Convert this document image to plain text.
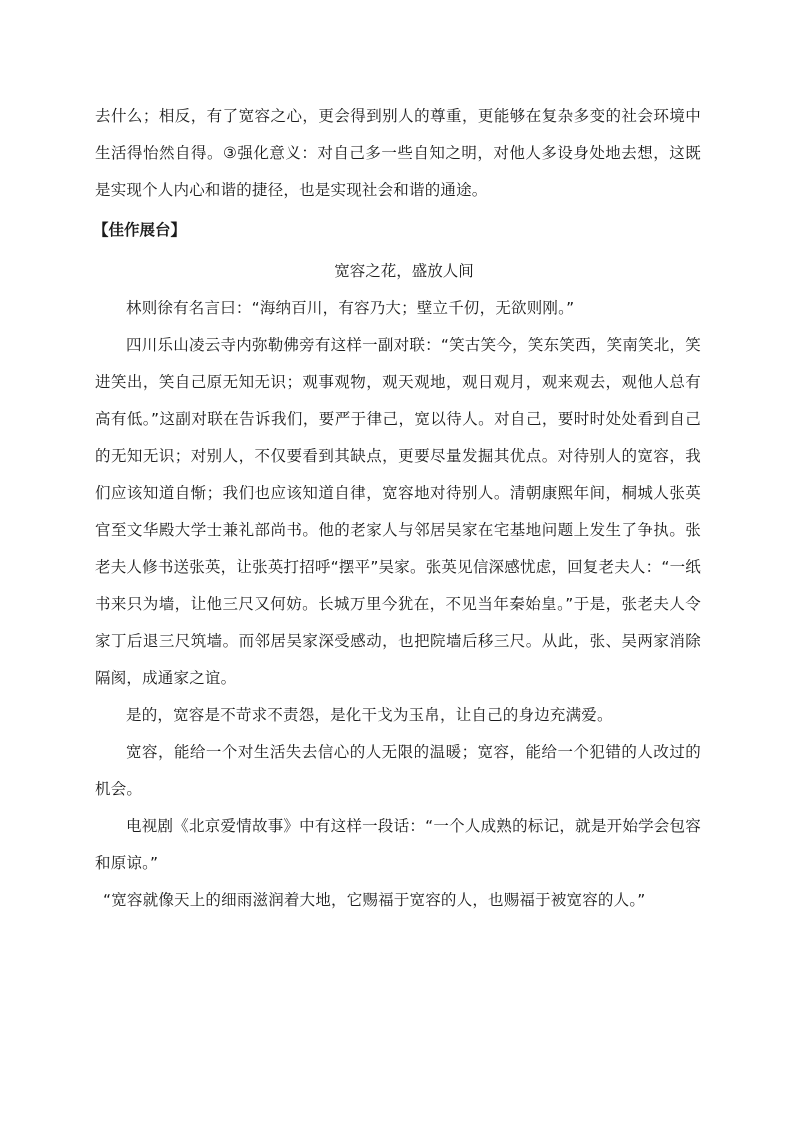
去什么；相反，有了宽容之心，更会得到别人的尊重，更能够在复杂多变的社会环境中生活得怡然自得。③强化意义：对自己多一些自知之明，对他人多设身处地去想，这既是实现个人内心和谐的捷径，也是实现社会和谐的通途。

【佳作展台】

宽容之花，盛放人间

林则徐有名言曰：“海纳百川，有容乃大；壁立千仞，无欲则刚。”

四川乐山凌云寺内弥勒佛旁有这样一副对联：“笑古笑今，笑东笑西，笑南笑北，笑进笑出，笑自己原无知无识；观事观物，观天观地，观日观月，观来观去，观他人总有高有低。”这副对联在告诉我们，要严于律己，宽以待人。对自己，要时时处处看到自己的无知无识；对别人，不仅要看到其缺点，更要尽量发掘其优点。对待别人的宽容，我们应该知道自惭；我们也应该知道自律，宽容地对待别人。清朝康熙年间，桐城人张英官至文华殿大学士兼礼部尚书。他的老家人与邻居吴家在宅基地问题上发生了争执。张老夫人修书送张英，让张英打招呼“摆平”吴家。张英见信深感忧虑，回复老夫人：“一纸书来只为墙，让他三尺又何妨。长城万里今犹在，不见当年秦始皇。”于是，张老夫人令家丁后退三尺筑墙。而邻居吴家深受感动，也把院墙后移三尺。从此，张、吴两家消除隔阂，成通家之谊。

是的，宽容是不苛求不责怨，是化干戈为玉帛，让自己的身边充满爱。

宽容，能给一个对生活失去信心的人无限的温暖；宽容，能给一个犯错的人改过的机会。

电视剧《北京爱情故事》中有这样一段话：“一个人成熟的标记，就是开始学会包容和原谅。”

“宽容就像天上的细雨滋润着大地，它赐福于宽容的人，也赐福于被宽容的人。”
